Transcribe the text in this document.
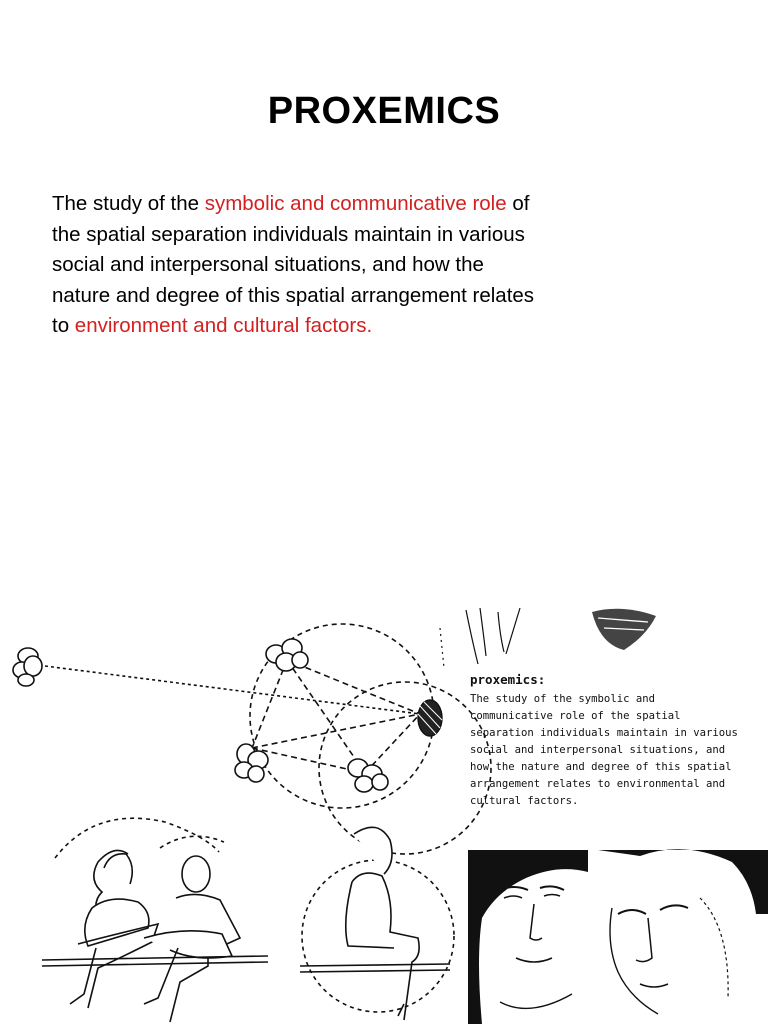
PROXEMICS
The study of the symbolic and communicative role of the spatial separation individuals maintain in various social and interpersonal situations, and how the nature and degree of this spatial arrangement relates to environment and cultural factors.
proxemics:
The study of the symbolic and
communicative role of the spatial
separation individuals maintain in various
social and interpersonal situations, and
how the nature and degree of this spatial
arrangement relates to environmental and
cultural factors.
